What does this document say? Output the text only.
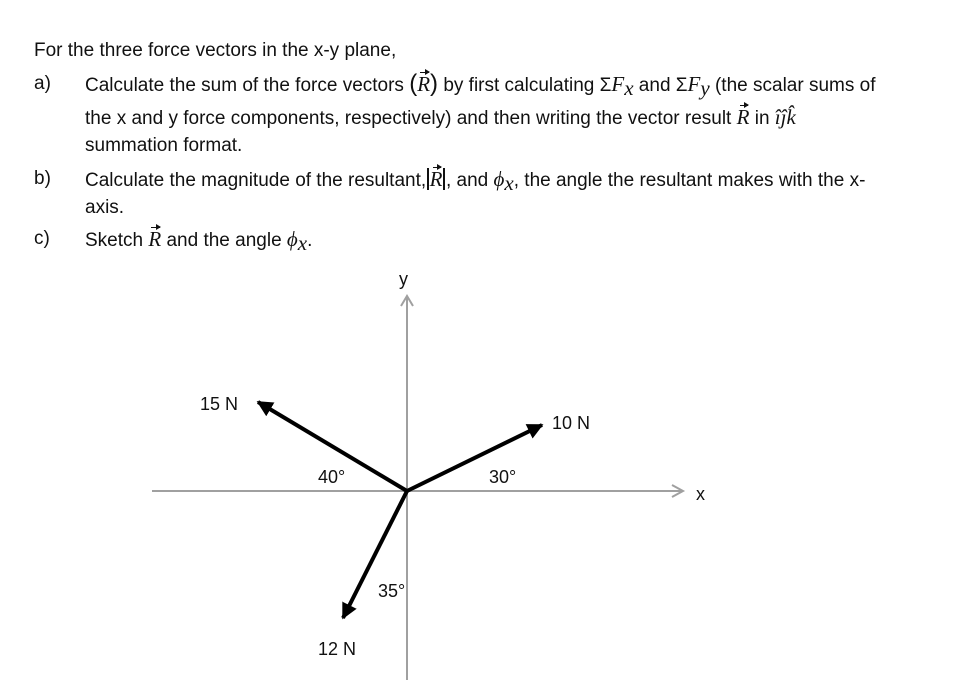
For the three force vectors in the x-y plane,
a) Calculate the sum of the force vectors (R) by first calculating $\Sigma F_x$ and $\Sigma F_y$ (the scalar sums of
the x and y force components, respectively) and then writing the vector result R in îĵk̂
summation format.
b) Calculate the magnitude of the resultant, R , and $\phi_x$, the angle the resultant makes with the x-
axis.
c) Sketch R and the angle $\phi_x$.
y
x
15 N
10 N
12 N
40°	30°
35°
